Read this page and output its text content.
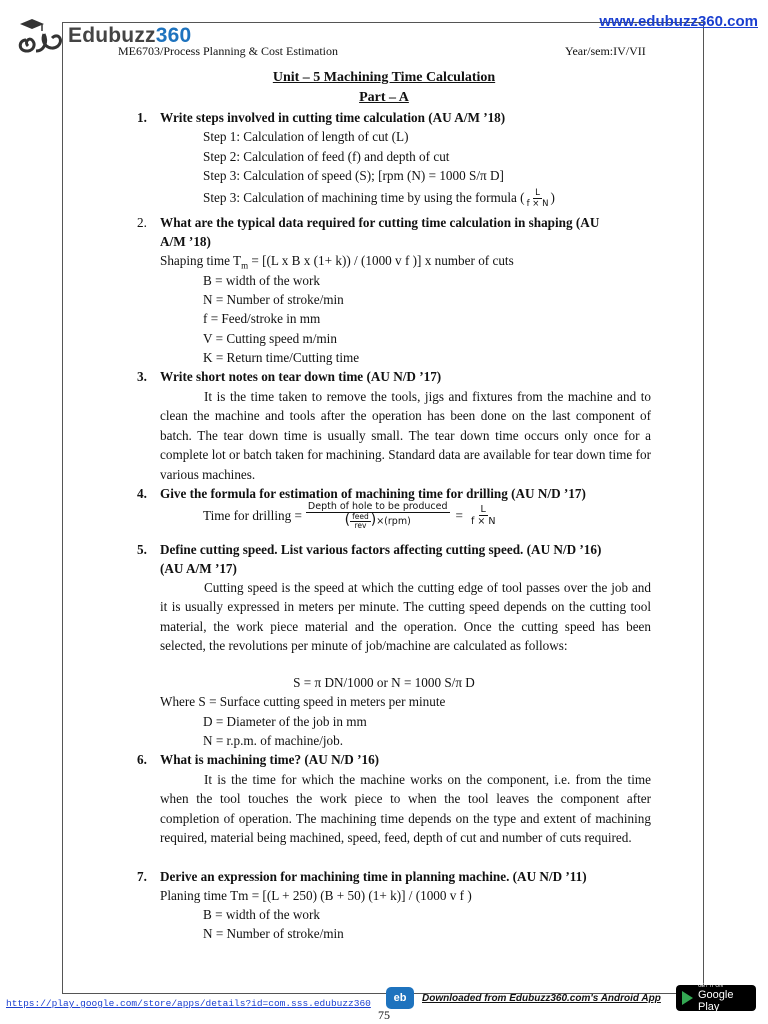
Edubuzz360
www.edubuzz360.com
ME6703/Process Planning & Cost Estimation	Year/sem:IV/VII
Unit – 5 Machining Time Calculation
Part – A
1. Write steps involved in cutting time calculation (AU A/M ’18)
Step 1: Calculation of length of cut (L)
Step 2: Calculation of feed (f) and depth of cut
Step 3: Calculation of speed (S); [rpm (N) = 1000 S/π D]
Step 3: Calculation of machining time by using the formula ( $\frac{L}{f \times N}$ )
2. What are the typical data required for cutting time calculation in shaping (AU
A/M ’18)
Shaping time $T_m = [(L$ x B x (1+ k)) / (1000 v f )] x number of cuts
B = width of the work
N = Number of stroke/min
f = Feed/stroke in mm
V = Cutting speed m/min
K = Return time/Cutting time
3. Write short notes on tear down time (AU N/D ’17)
It is the time taken to remove the tools, jigs and fixtures from the machine and to clean the machine and tools after the operation has been done on the last component of batch. The tear down time is usually small. The tear down time occurs only once for a complete lot or batch taken for machining. Standard data are available for tear down time for various machines.
4. Give the formula for estimation of machining time for drilling (AU N/D ’17)
Time for drilling = $\frac{\text{Depth of hole to be produced}}{( \frac{\text{feed}}{\text{rev}} )\times(rpm)} = \frac{L}{f \times N}$
5. Define cutting speed. List various factors affecting cutting speed. (AU N/D ’16)
(AU A/M ’17)
Cutting speed is the speed at which the cutting edge of tool passes over the job and it is usually expressed in meters per minute. The cutting speed depends on the cutting tool material, the work piece material and the operation. Once the cutting speed has been selected, the revolutions per minute of job/machine are calculated as follows:
S = π DN/1000 or N = 1000 S/π D
Where S = Surface cutting speed in meters per minute
D = Diameter of the job in mm
N = r.p.m. of machine/job.
6. What is machining time? (AU N/D ’16)
It is the time for which the machine works on the component, i.e. from the time when the tool touches the work piece to when the tool leaves the component after completion of operation. The machining time depends on the type and extent of machining required, material being machined, speed, feed, depth of cut and number of cuts required.
7. Derive an expression for machining time in planning machine. (AU N/D ’11)
Planing time Tm = [(L + 250) (B + 50) (1+ k)] / (1000 v f )
B = width of the work
N = Number of stroke/min
https://play.google.com/store/apps/details?id=com.sss.edubuzz360	eb	Downloaded from Edubuzz360.com's Android App
GET IT ON
Google Play
75
